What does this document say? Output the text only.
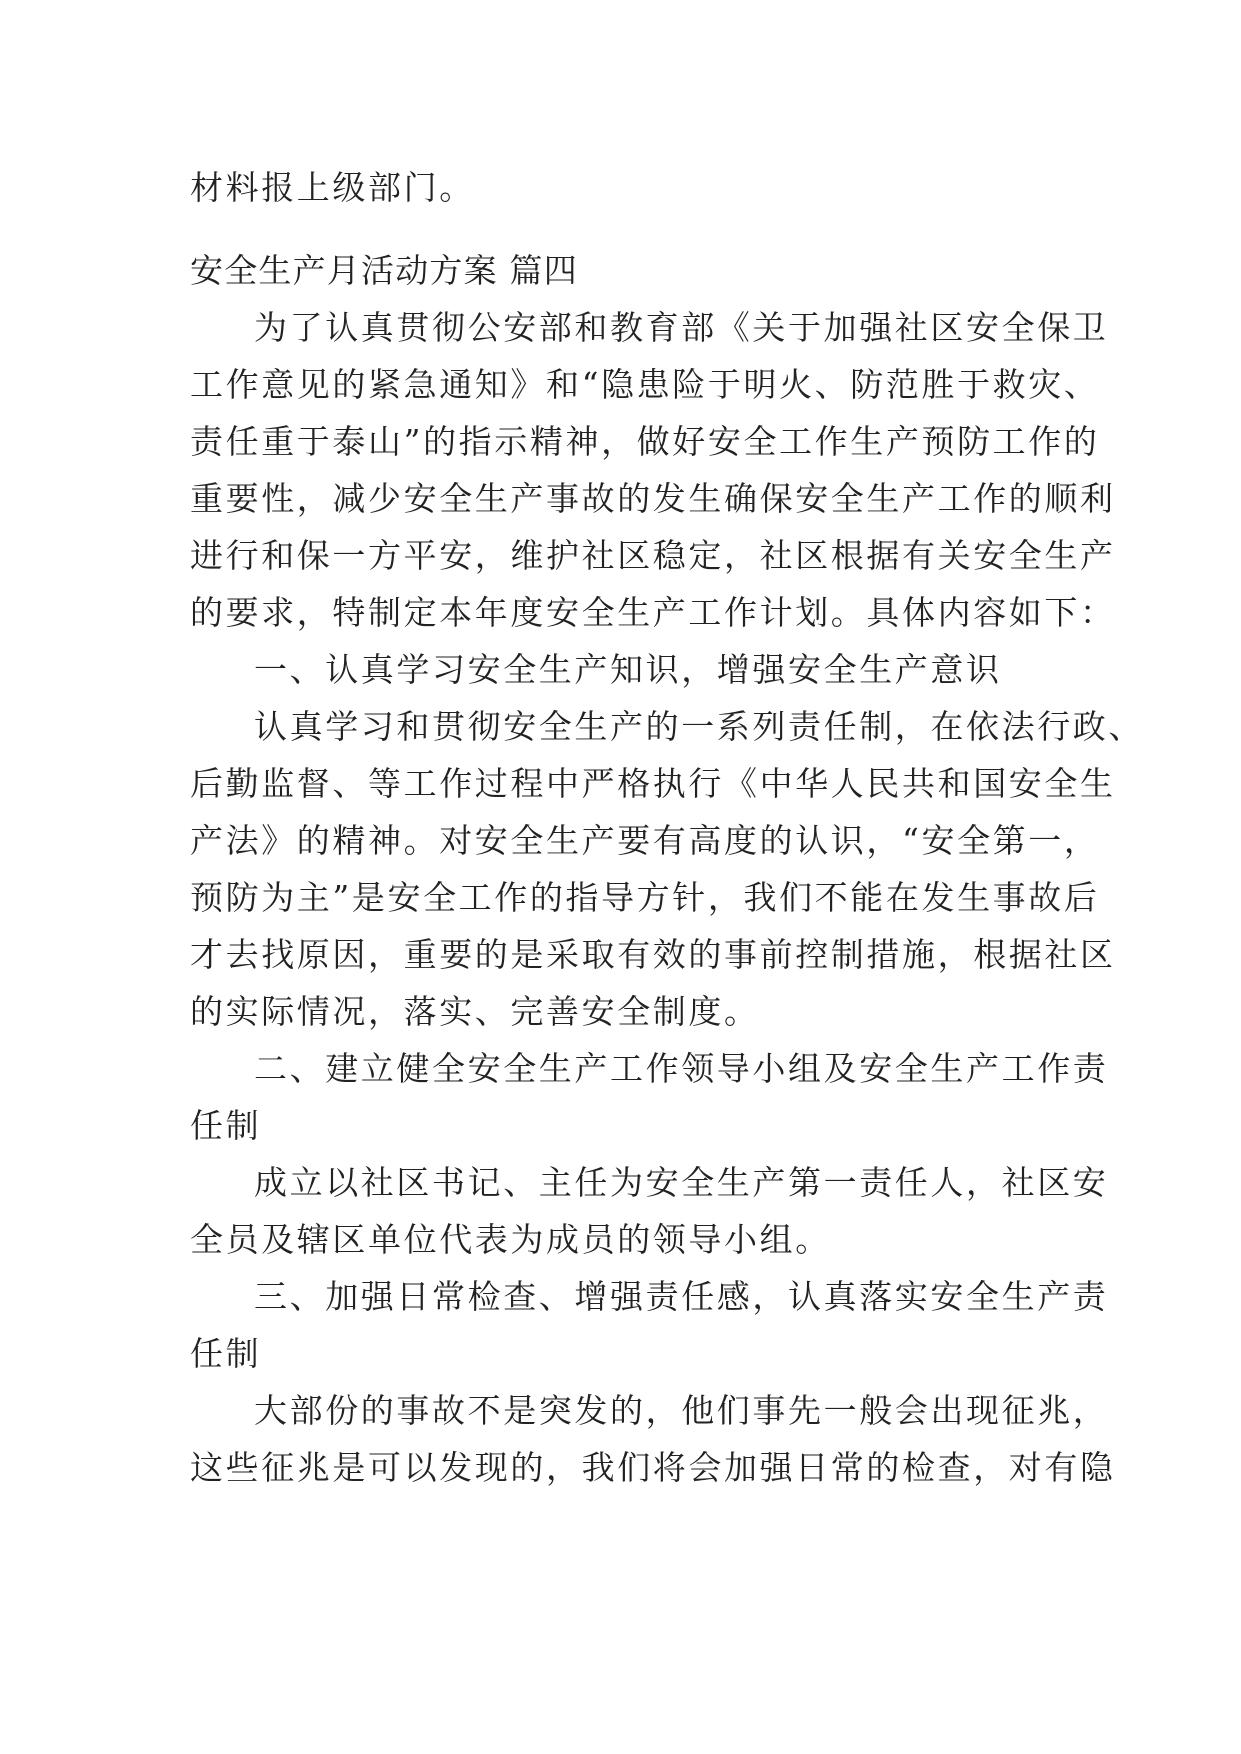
材料报上级部门。
安全生产月活动方案 篇四
为了认真贯彻公安部和教育部《关于加强社区安全保卫
工作意见的紧急通知》和“隐患险于明火、防范胜于救灾、
责任重于泰山”的指示精神，做好安全工作生产预防工作的
重要性，减少安全生产事故的发生确保安全生产工作的顺利
进行和保一方平安，维护社区稳定，社区根据有关安全生产
的要求，特制定本年度安全生产工作计划。具体内容如下：
一、认真学习安全生产知识，增强安全生产意识
认真学习和贯彻安全生产的一系列责任制，在依法行政、
后勤监督、等工作过程中严格执行《中华人民共和国安全生
产法》的精神。对安全生产要有高度的认识，“安全第一，
预防为主”是安全工作的指导方针，我们不能在发生事故后
才去找原因，重要的是采取有效的事前控制措施，根据社区
的实际情况，落实、完善安全制度。
二、建立健全安全生产工作领导小组及安全生产工作责
任制
成立以社区书记、主任为安全生产第一责任人，社区安
全员及辖区单位代表为成员的领导小组。
三、加强日常检查、增强责任感，认真落实安全生产责
任制
大部份的事故不是突发的，他们事先一般会出现征兆，
这些征兆是可以发现的，我们将会加强日常的检查，对有隐
